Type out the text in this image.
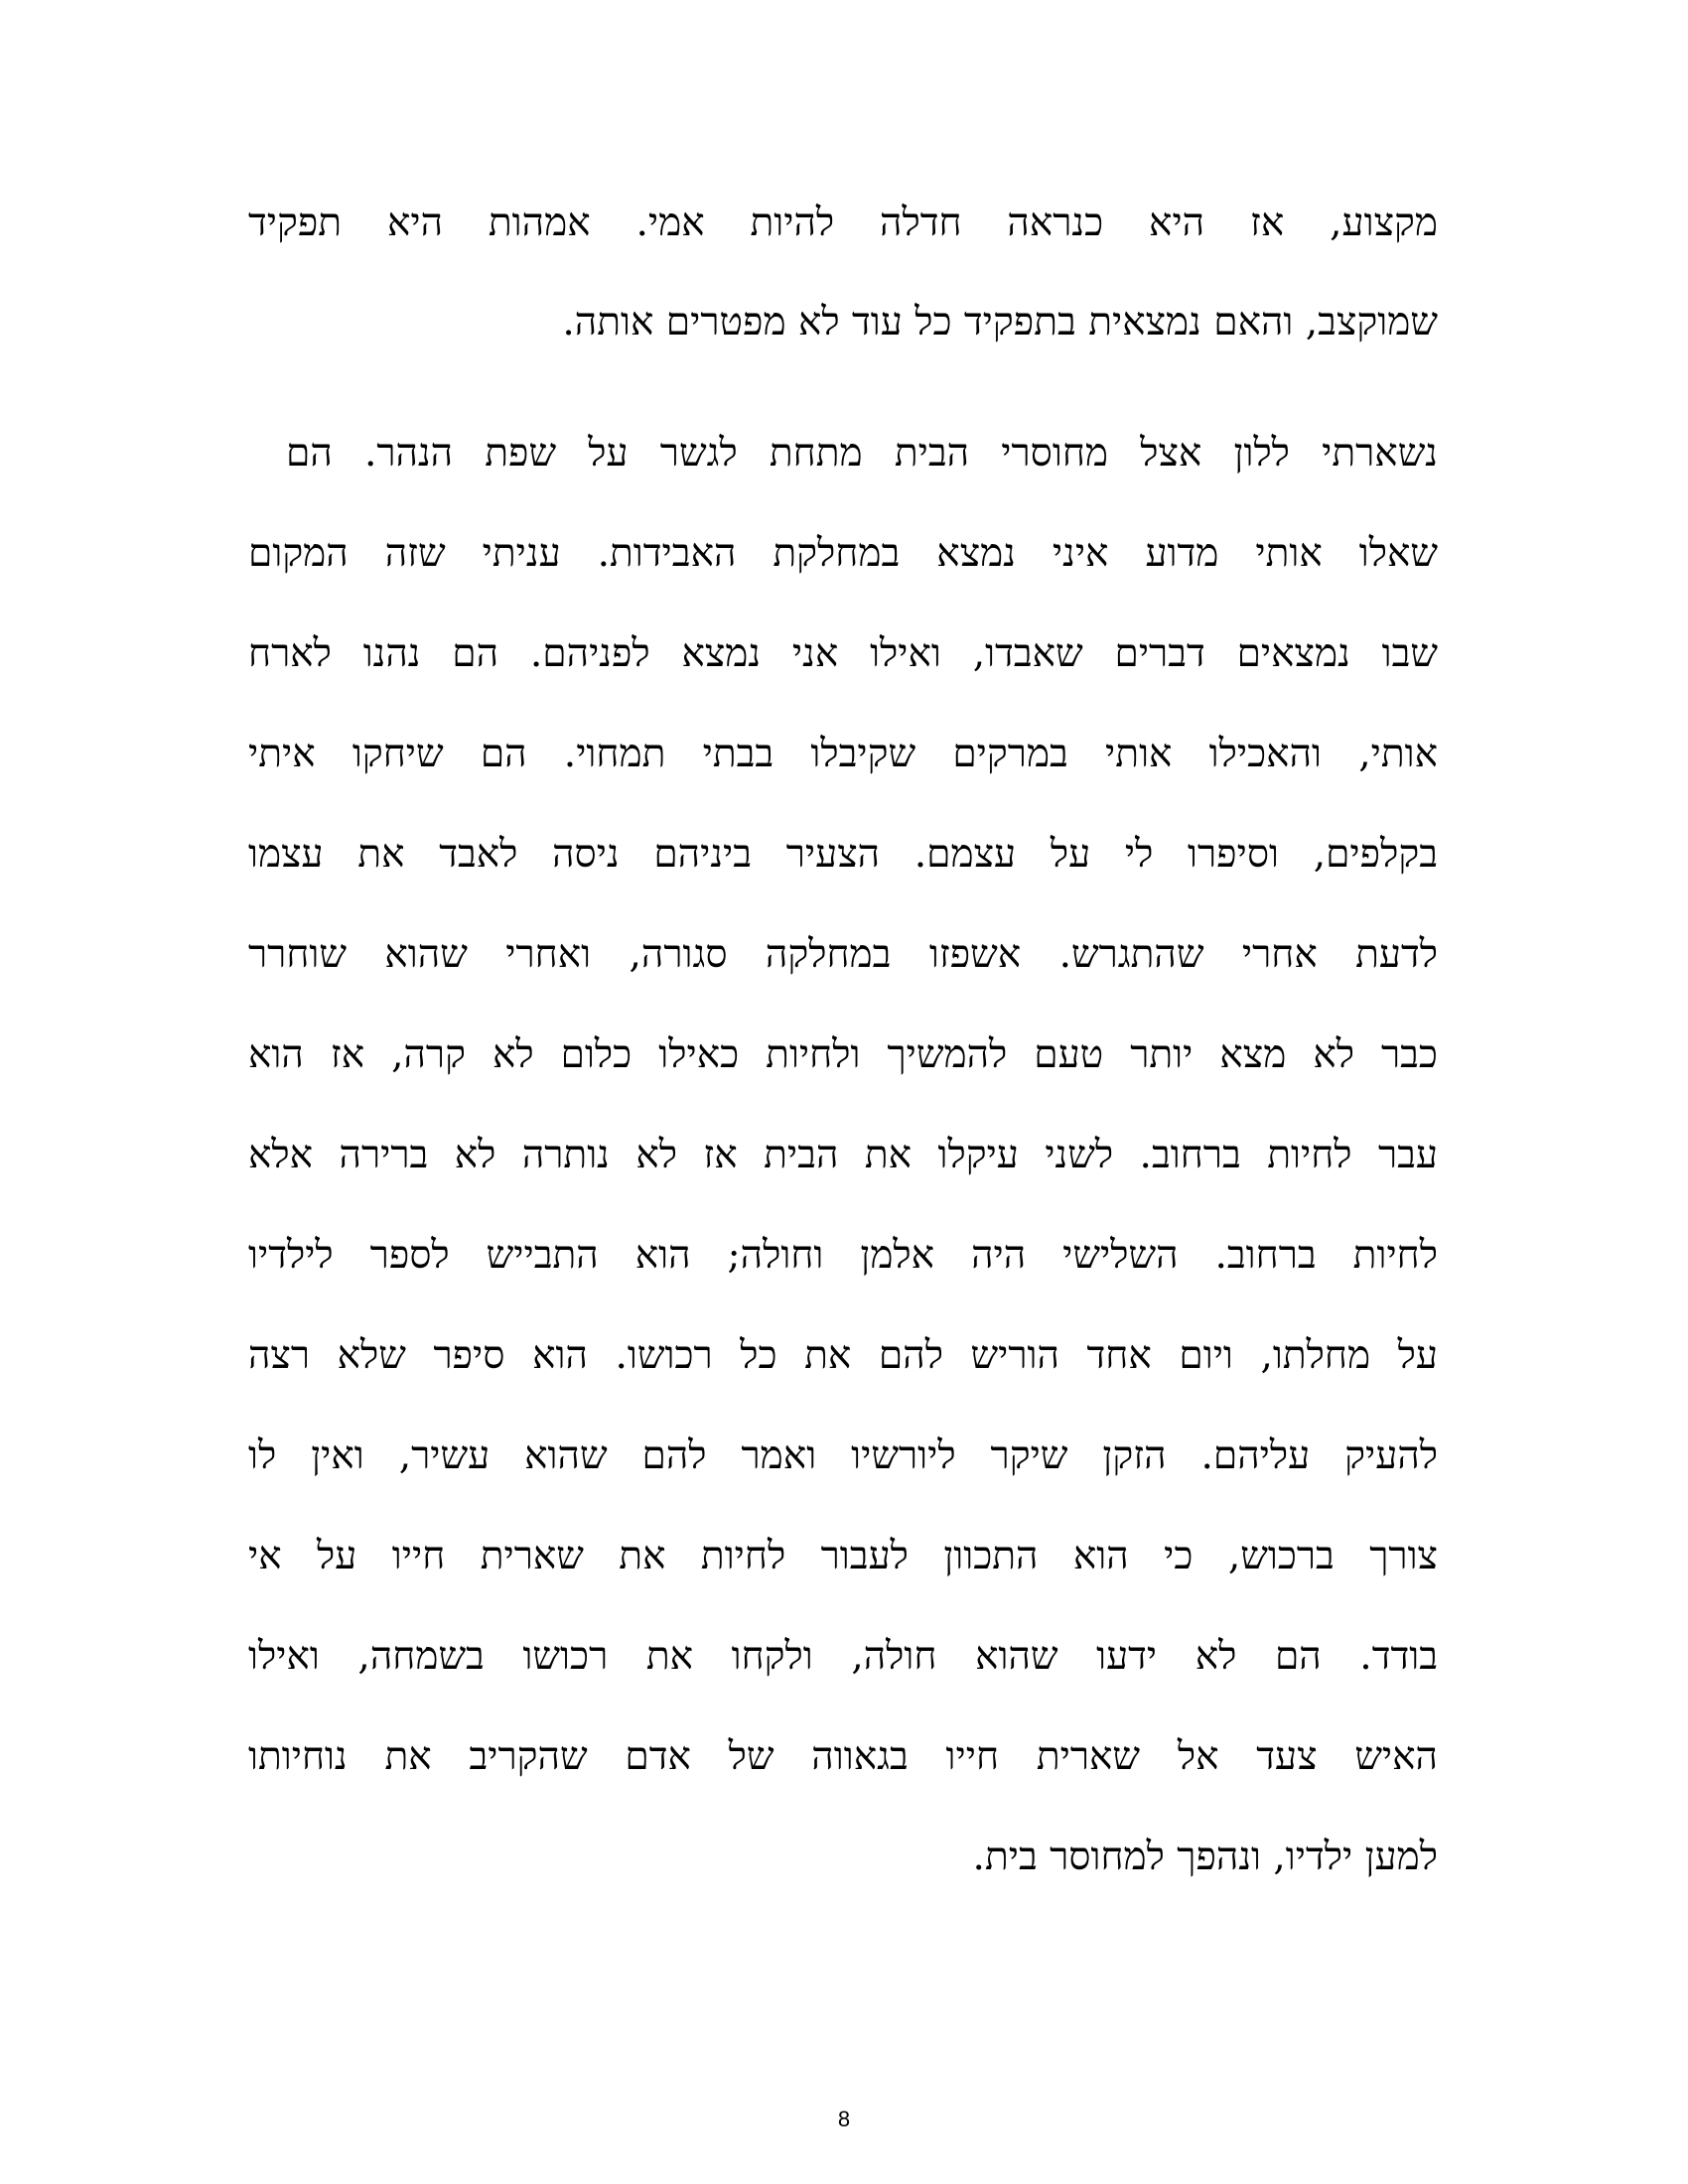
מקצוע, אז היא כנראה חדלה להיות אמי. אמהות היא תפקיד
שמוקצב, והאם נמצאית בתפקיד כל עוד לא מפטרים אותה.
נשארתי ללון אצל מחוסרי הבית מתחת לגשר על שפת הנהר. הם
שאלו אותי מדוע איני נמצא במחלקת האבידות. עניתי שזה המקום
שבו נמצאים דברים שאבדו, ואילו אני נמצא לפניהם. הם נהנו לארח
אותי, והאכילו אותי במרקים שקיבלו בבתי תמחוי. הם שיחקו איתי
בקלפים, וסיפרו לי על עצמם. הצעיר ביניהם ניסה לאבד את עצמו
לדעת אחרי שהתגרש. אשפזו במחלקה סגורה, ואחרי שהוא שוחרר
כבר לא מצא יותר טעם להמשיך ולחיות כאילו כלום לא קרה, אז הוא
עבר לחיות ברחוב. לשני עיקלו את הבית אז לא נותרה לא ברירה אלא
לחיות ברחוב. השלישי היה אלמן וחולה; הוא התבייש לספר לילדיו
על מחלתו, ויום אחד הוריש להם את כל רכושו. הוא סיפר שלא רצה
להעיק עליהם. הזקן שיקר ליורשיו ואמר להם שהוא עשיר, ואין לו
צורך ברכוש, כי הוא התכוון לעבור לחיות את שארית חייו על אי
בודד. הם לא ידעו שהוא חולה, ולקחו את רכושו בשמחה, ואילו
האיש צעד אל שארית חייו בגאווה של אדם שהקריב את נוחיותו
למען ילדיו, ונהפך למחוסר בית.
8
